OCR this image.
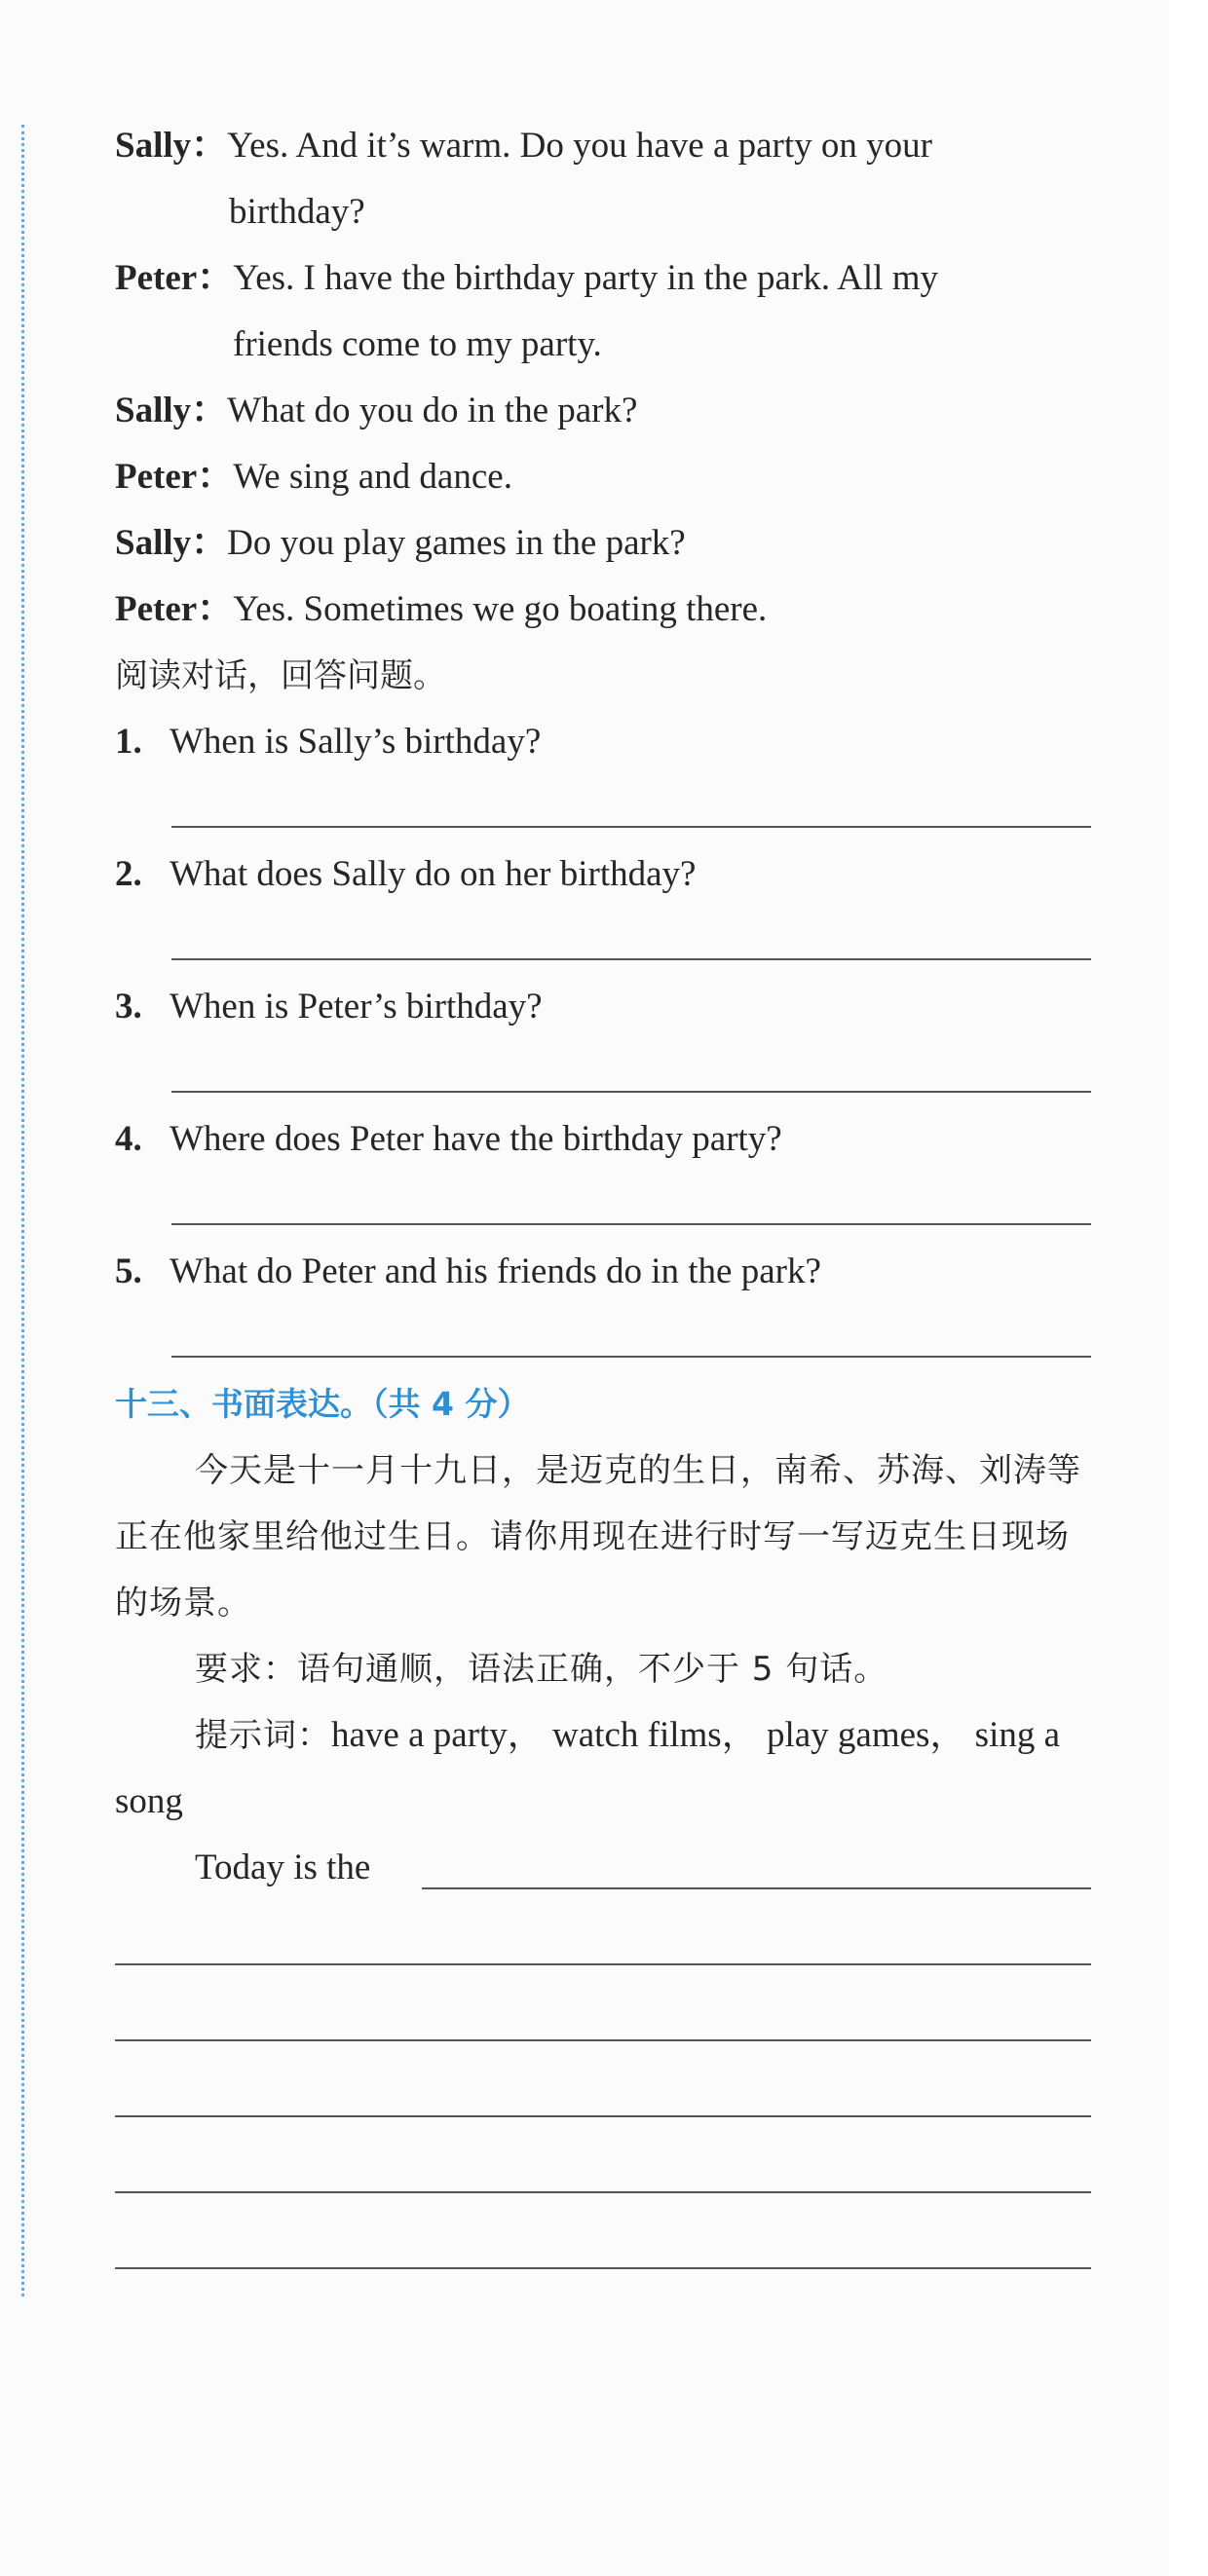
Sally：Yes. And it’s warm. Do you have a party on your
birthday?
Peter：Yes. I have the birthday party in the park. All my
friends come to my party.
Sally：What do you do in the park?
Peter：We sing and dance.
Sally：Do you play games in the park?
Peter：Yes. Sometimes we go boating there.
阅读对话，回答问题。
1. When is Sally’s birthday?
2. What does Sally do on her birthday?
3. When is Peter’s birthday?
4. Where does Peter have the birthday party?
5. What do Peter and his friends do in the park?
十三、书面表达。（共 4 分）

今天是十一月十九日，是迈克的生日，南希、苏海、刘涛等正在他家里给他过生日。请你用现在进行时写一写迈克生日现场的场景。

要求：语句通顺，语法正确，不少于 5 句话。

提示词：have a party， watch films， play games， sing a song

Today is the
